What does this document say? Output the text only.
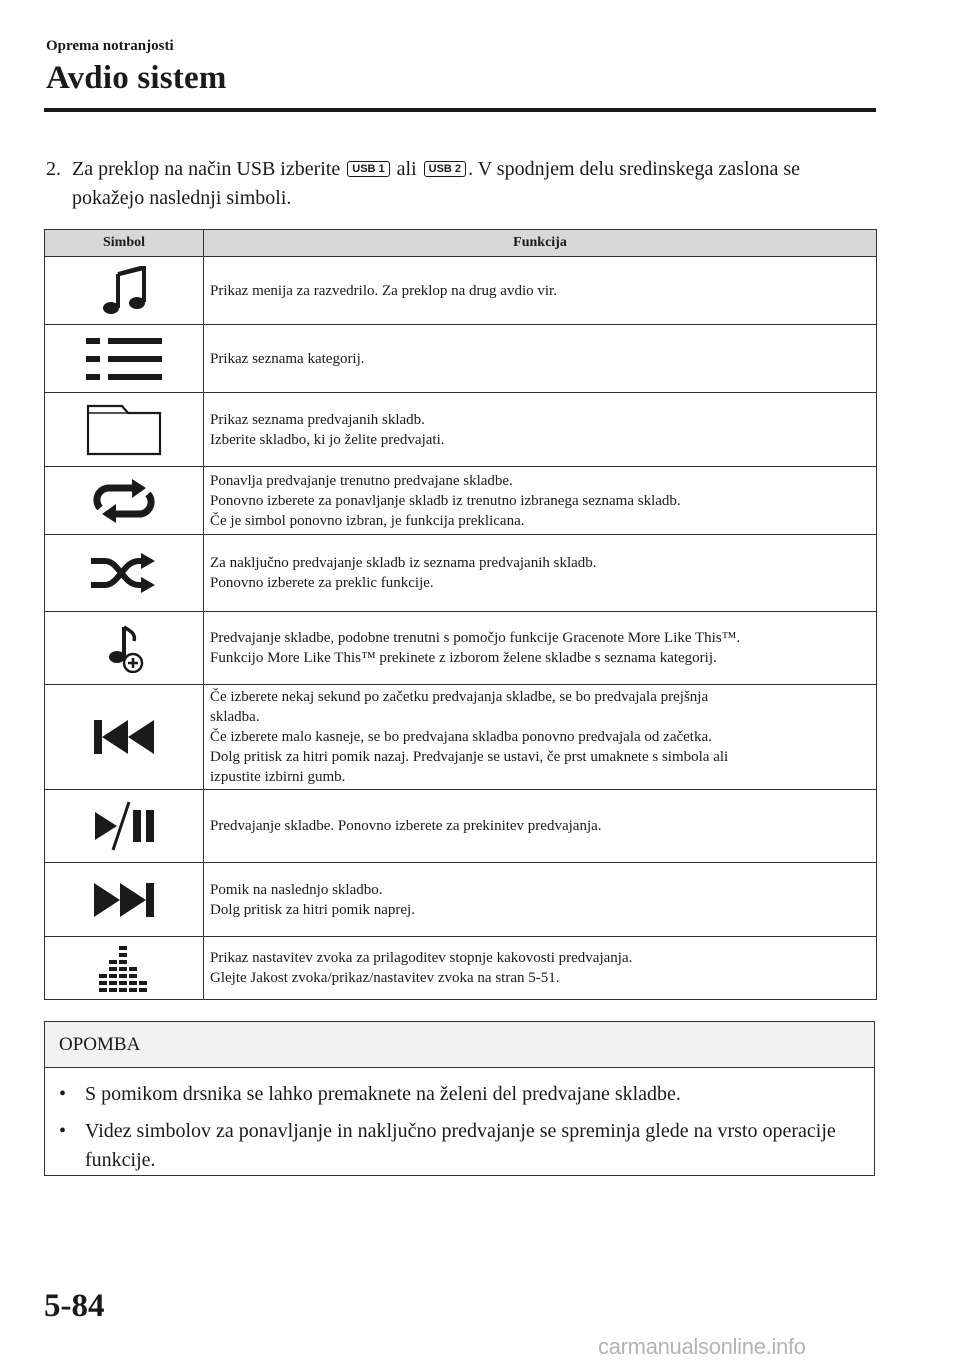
Oprema notranjosti
Avdio sistem
2. Za preklop na način USB izberite USB 1 ali USB 2 . V spodnjem delu sredinskega zaslona se pokažejo naslednji simboli.
Simbol	Funkcija

Prikaz menija za razvedrilo. Za preklop na drug avdio vir.

Prikaz seznama kategorij.

Prikaz seznama predvajanih skladb.
Izberite skladbo, ki jo želite predvajati.

Ponavlja predvajanje trenutno predvajane skladbe.
Ponovno izberete za ponavljanje skladb iz trenutno izbranega seznama skladb.
Če je simbol ponovno izbran, je funkcija preklicana.

Za naključno predvajanje skladb iz seznama predvajanih skladb.
Ponovno izberete za preklic funkcije.

Predvajanje skladbe, podobne trenutni s pomočjo funkcije Gracenote More Like This™.
Funkcijo More Like This™ prekinete z izborom želene skladbe s seznama kategorij.

Če izberete nekaj sekund po začetku predvajanja skladbe, se bo predvajala prejšnja
skladba.
Če izberete malo kasneje, se bo predvajana skladba ponovno predvajala od začetka.
Dolg pritisk za hitri pomik nazaj. Predvajanje se ustavi, če prst umaknete s simbola ali
izpustite izbirni gumb.

Predvajanje skladbe. Ponovno izberete za prekinitev predvajanja.

Pomik na naslednjo skladbo.
Dolg pritisk za hitri pomik naprej.

Prikaz nastavitev zvoka za prilagoditev stopnje kakovosti predvajanja.
Glejte Jakost zvoka/prikaz/nastavitev zvoka na stran 5-51.
OPOMBA
• S pomikom drsnika se lahko premaknete na želeni del predvajane skladbe.
• Videz simbolov za ponavljanje in naključno predvajanje se spreminja glede na vrsto operacije funkcije.
5-84
carmanualsonline.info
